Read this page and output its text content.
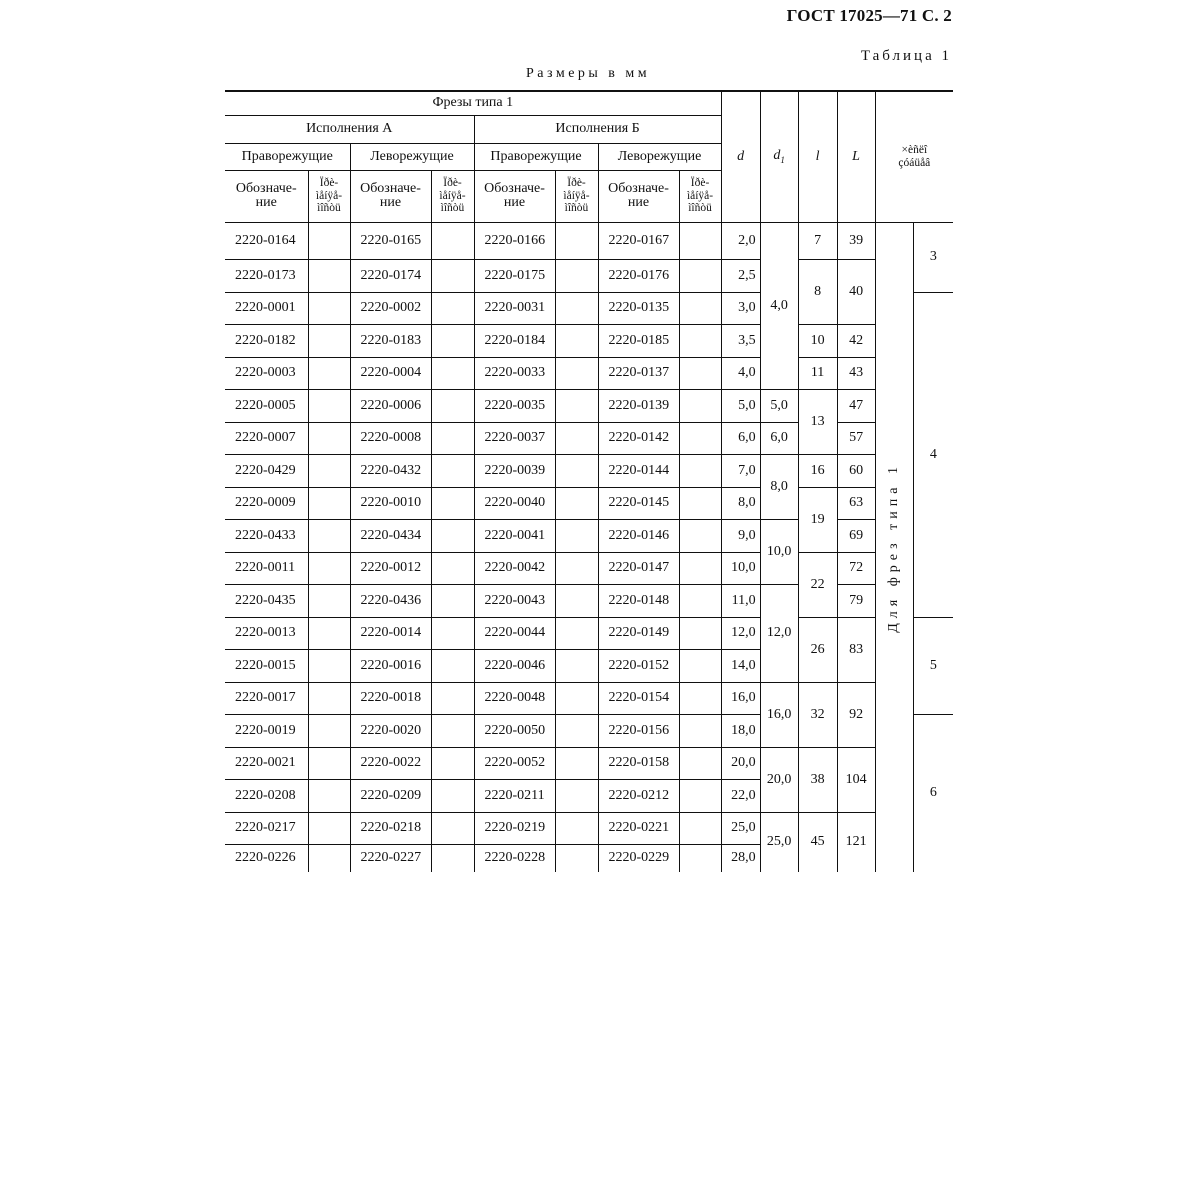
ГОСТ 17025—71 С. 2
Таблица 1
Размеры в мм
Фрезы типа 1								d	$d_1$	l	L	×èñëî çóáüåâ	

Исполнения А				Исполнения Б									
Праворежущие		Леворежущие		Праворежущие		Леворежущие							

Обозначе-ние	Ïðè-ìåíÿå-ìîñòü	Обозначе-ние	Ïðè-ìåíÿå-ìîñòü	Обозначе-ние	Ïðè-ìåíÿå-ìîñòü	Обозначе-ние	Ïðè-ìåíÿå-ìîñòü						

2220-0164		2220-0165		2220-0166		2220-0167		2,0	4,0	7	39	Для фрез типа 1	3
2220-0173		2220-0174		2220-0175		2220-0176		2,5		8	40		
2220-0001		2220-0002		2220-0031		2220-0135		3,0					4
2220-0182		2220-0183		2220-0184		2220-0185		3,5		10	42		
2220-0003		2220-0004		2220-0033		2220-0137		4,0		11	43		
2220-0005		2220-0006		2220-0035		2220-0139		5,0	5,0	13	47		
2220-0007		2220-0008		2220-0037		2220-0142		6,0	6,0		57		
2220-0429		2220-0432		2220-0039		2220-0144		7,0	8,0	16	60		
2220-0009		2220-0010		2220-0040		2220-0145		8,0		19	63		
2220-0433		2220-0434		2220-0041		2220-0146		9,0	10,0		69		
2220-0011		2220-0012		2220-0042		2220-0147		10,0		22	72		
2220-0435		2220-0436		2220-0043		2220-0148		11,0	12,0		79		
2220-0013		2220-0014		2220-0044		2220-0149		12,0		26	83		5
2220-0015		2220-0016		2220-0046		2220-0152		14,0					
2220-0017		2220-0018		2220-0048		2220-0154		16,0	16,0	32	92		
2220-0019		2220-0020		2220-0050		2220-0156		18,0					6
2220-0021		2220-0022		2220-0052		2220-0158		20,0	20,0	38	104		
2220-0208		2220-0209		2220-0211		2220-0212		22,0					
2220-0217		2220-0218		2220-0219		2220-0221		25,0	25,0	45	121		
2220-0226		2220-0227		2220-0228		2220-0229		28,0					
